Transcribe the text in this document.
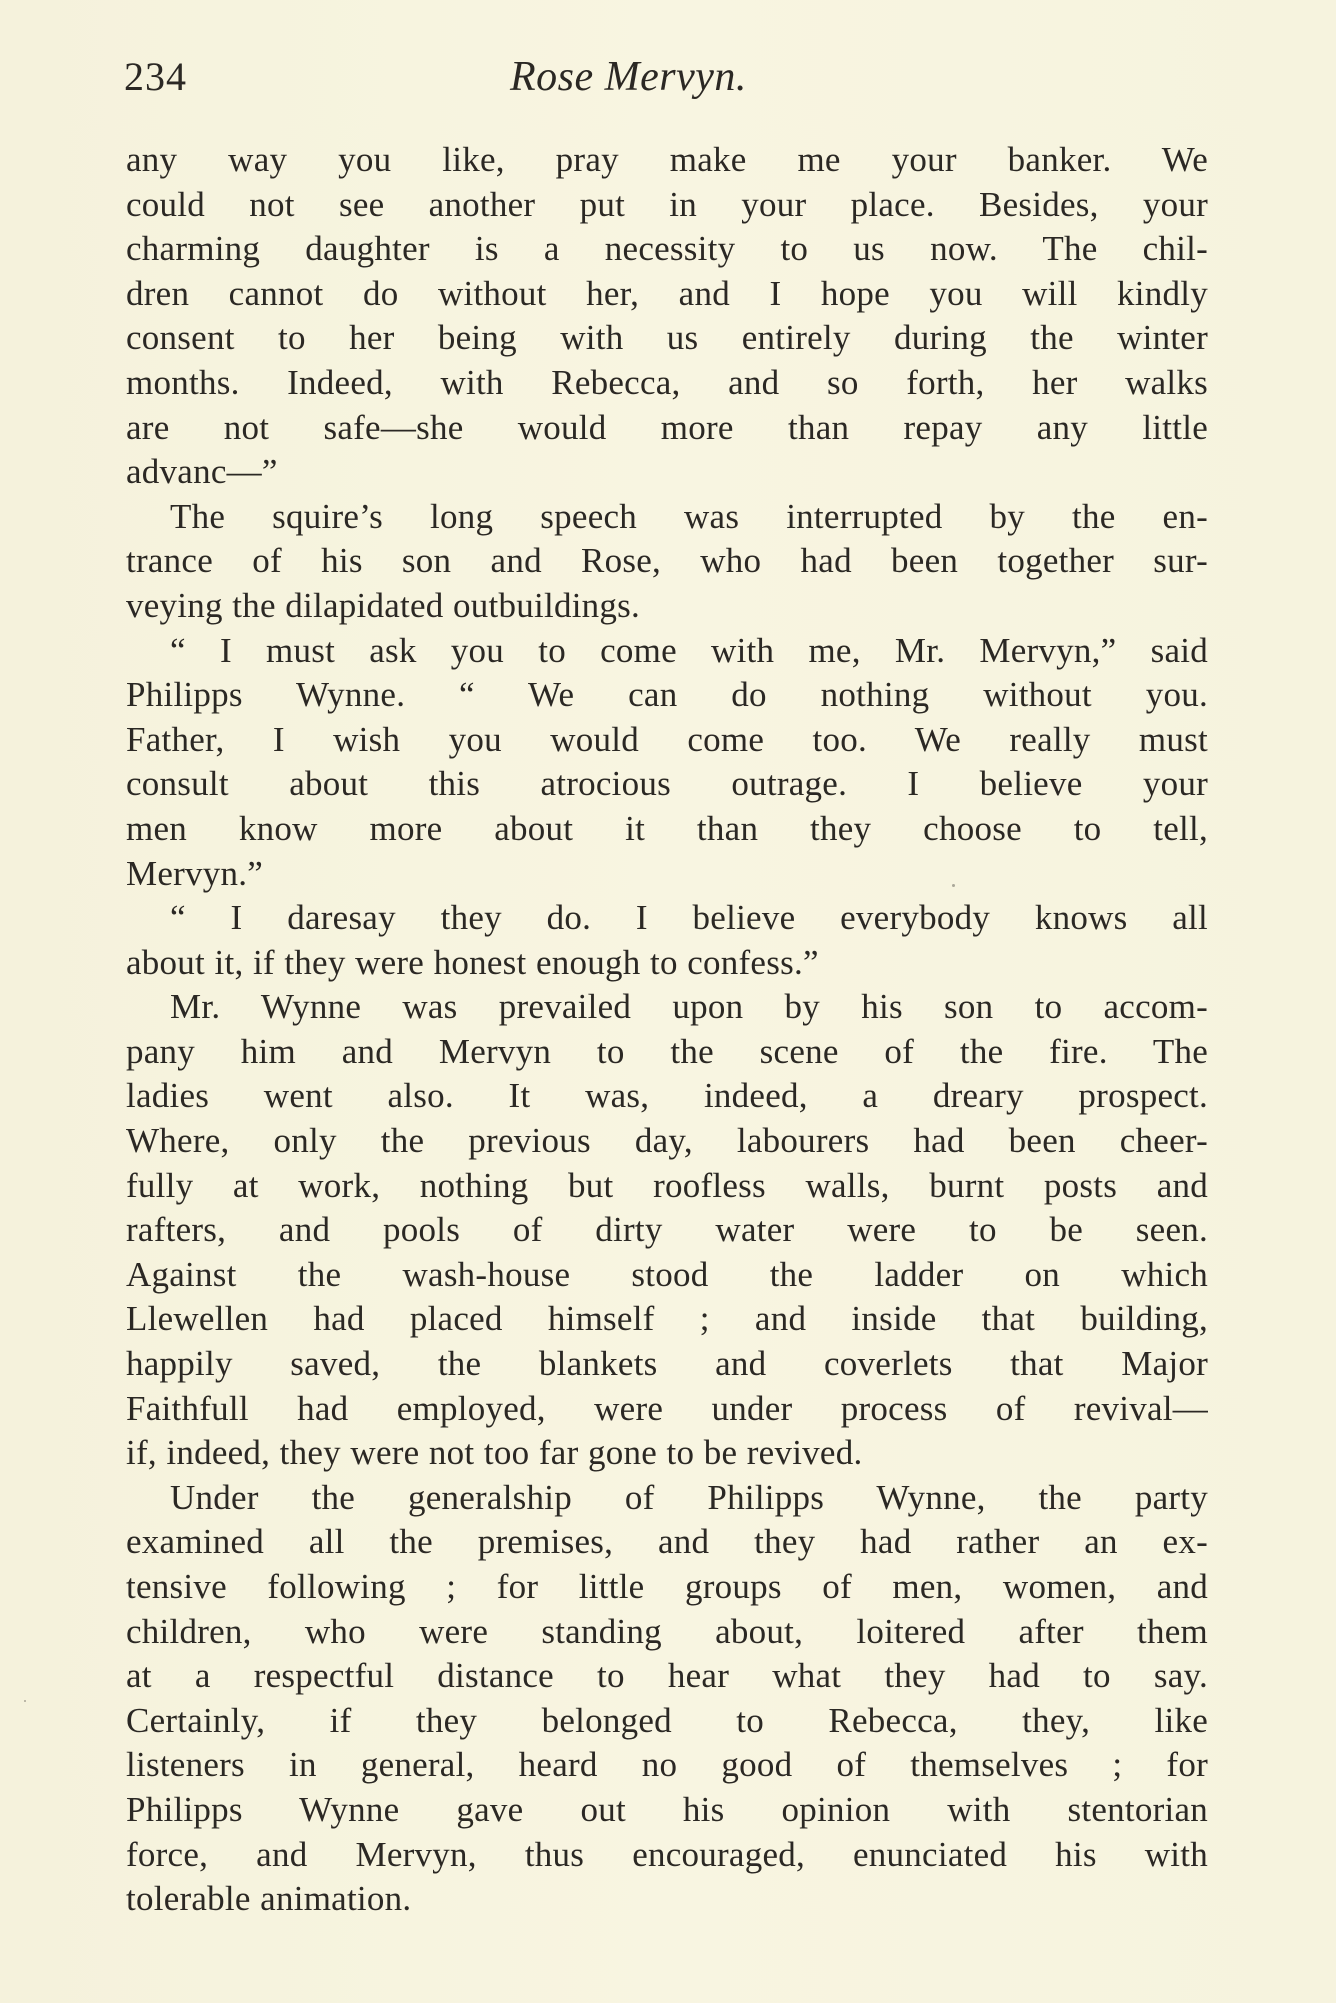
234	Rose Mervyn.
any way you like, pray make me your banker. We
could not see another put in your place. Besides, your
charming daughter is a necessity to us now. The chil-
dren cannot do without her, and I hope you will kindly
consent to her being with us entirely during the winter
months. Indeed, with Rebecca, and so forth, her walks
are not safe—she would more than repay any little
advanc—”
The squire’s long speech was interrupted by the en-
trance of his son and Rose, who had been together sur-
veying the dilapidated outbuildings.
“ I must ask you to come with me, Mr. Mervyn,” said
Philipps Wynne. “ We can do nothing without you.
Father, I wish you would come too. We really must
consult about this atrocious outrage. I believe your
men know more about it than they choose to tell,
Mervyn.”
“ I daresay they do. I believe everybody knows all
about it, if they were honest enough to confess.”
Mr. Wynne was prevailed upon by his son to accom-
pany him and Mervyn to the scene of the fire. The
ladies went also. It was, indeed, a dreary prospect.
Where, only the previous day, labourers had been cheer-
fully at work, nothing but roofless walls, burnt posts and
rafters, and pools of dirty water were to be seen.
Against the wash-house stood the ladder on which
Llewellen had placed himself ; and inside that building,
happily saved, the blankets and coverlets that Major
Faithfull had employed, were under process of revival—
if, indeed, they were not too far gone to be revived.
Under the generalship of Philipps Wynne, the party
examined all the premises, and they had rather an ex-
tensive following ; for little groups of men, women, and
children, who were standing about, loitered after them
at a respectful distance to hear what they had to say.
Certainly, if they belonged to Rebecca, they, like
listeners in general, heard no good of themselves ; for
Philipps Wynne gave out his opinion with stentorian
force, and Mervyn, thus encouraged, enunciated his with
tolerable animation.
